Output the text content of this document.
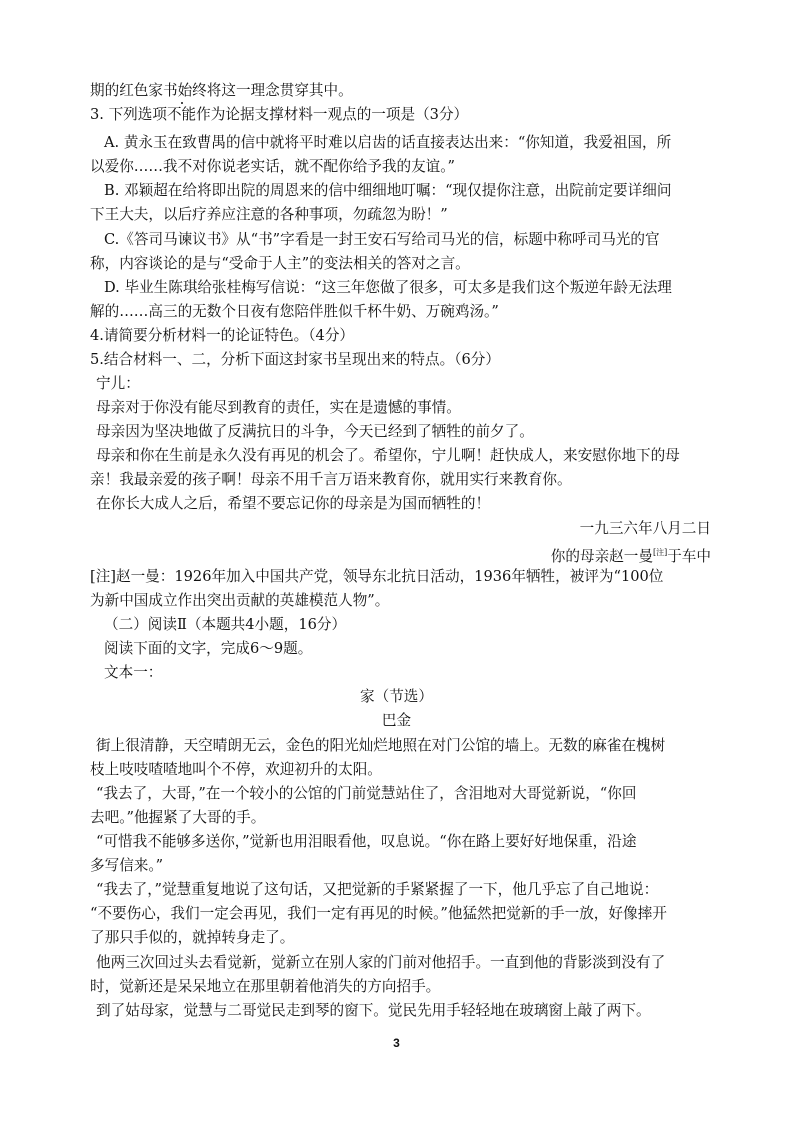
期的红色家书始终将这一理念贯穿其中。
3. 下列选项不能作为论据支撑材料一观点的一项是（3分）
A. 黄永玉在致曹禺的信中就将平时难以启齿的话直接表达出来：“你知道，我爱祖国，所
以爱你……我不对你说老实话，就不配你给予我的友谊。”
B. 邓颖超在给将即出院的周恩来的信中细细地叮嘱：“现仅提你注意，出院前定要详细问
下王大夫，以后疗养应注意的各种事项，勿疏忽为盼！”
C.《答司马谏议书》从“书”字看是一封王安石写给司马光的信，标题中称呼司马光的官
称，内容谈论的是与“受命于人主”的变法相关的答对之言。
D. 毕业生陈琪给张桂梅写信说：“这三年您做了很多，可太多是我们这个叛逆年龄无法理
解的……高三的无数个日夜有您陪伴胜似千杯牛奶、万碗鸡汤。”
4.请简要分析材料一的论证特色。（4分）
5.结合材料一、二，分析下面这封家书呈现出来的特点。（6分）
宁儿：
母亲对于你没有能尽到教育的责任，实在是遗憾的事情。
母亲因为坚决地做了反满抗日的斗争，今天已经到了牺牲的前夕了。
母亲和你在生前是永久没有再见的机会了。希望你，宁儿啊！赶快成人，来安慰你地下的母
亲！我最亲爱的孩子啊！母亲不用千言万语来教育你，就用实行来教育你。
在你长大成人之后，希望不要忘记你的母亲是为国而牺牲的！
一九三六年八月二日
你的母亲赵一曼[注]于车中
[注]赵一曼：1926年加入中国共产党，领导东北抗日活动，1936年牺牲，被评为“100位
为新中国成立作出突出贡献的英雄模范人物”。
（二）阅读Ⅱ（本题共4小题，16分）
阅读下面的文字，完成6～9题。
文本一：
家（节选）
巴金
街上很清静，天空晴朗无云，金色的阳光灿烂地照在对门公馆的墙上。无数的麻雀在槐树
枝上吱吱喳喳地叫个不停，欢迎初升的太阳。
“我去了，大哥，”在一个较小的公馆的门前觉慧站住了，含泪地对大哥觉新说，“你回
去吧。”他握紧了大哥的手。
“可惜我不能够多送你，”觉新也用泪眼看他，叹息说。“你在路上要好好地保重，沿途
多写信来。”
“我去了，”觉慧重复地说了这句话，又把觉新的手紧紧握了一下，他几乎忘了自己地说：
“不要伤心，我们一定会再见，我们一定有再见的时候。”他猛然把觉新的手一放，好像摔开
了那只手似的，就掉转身走了。
他两三次回过头去看觉新，觉新立在别人家的门前对他招手。一直到他的背影淡到没有了
时，觉新还是呆呆地立在那里朝着他消失的方向招手。
到了姑母家，觉慧与二哥觉民走到琴的窗下。觉民先用手轻轻地在玻璃窗上敲了两下。
3
